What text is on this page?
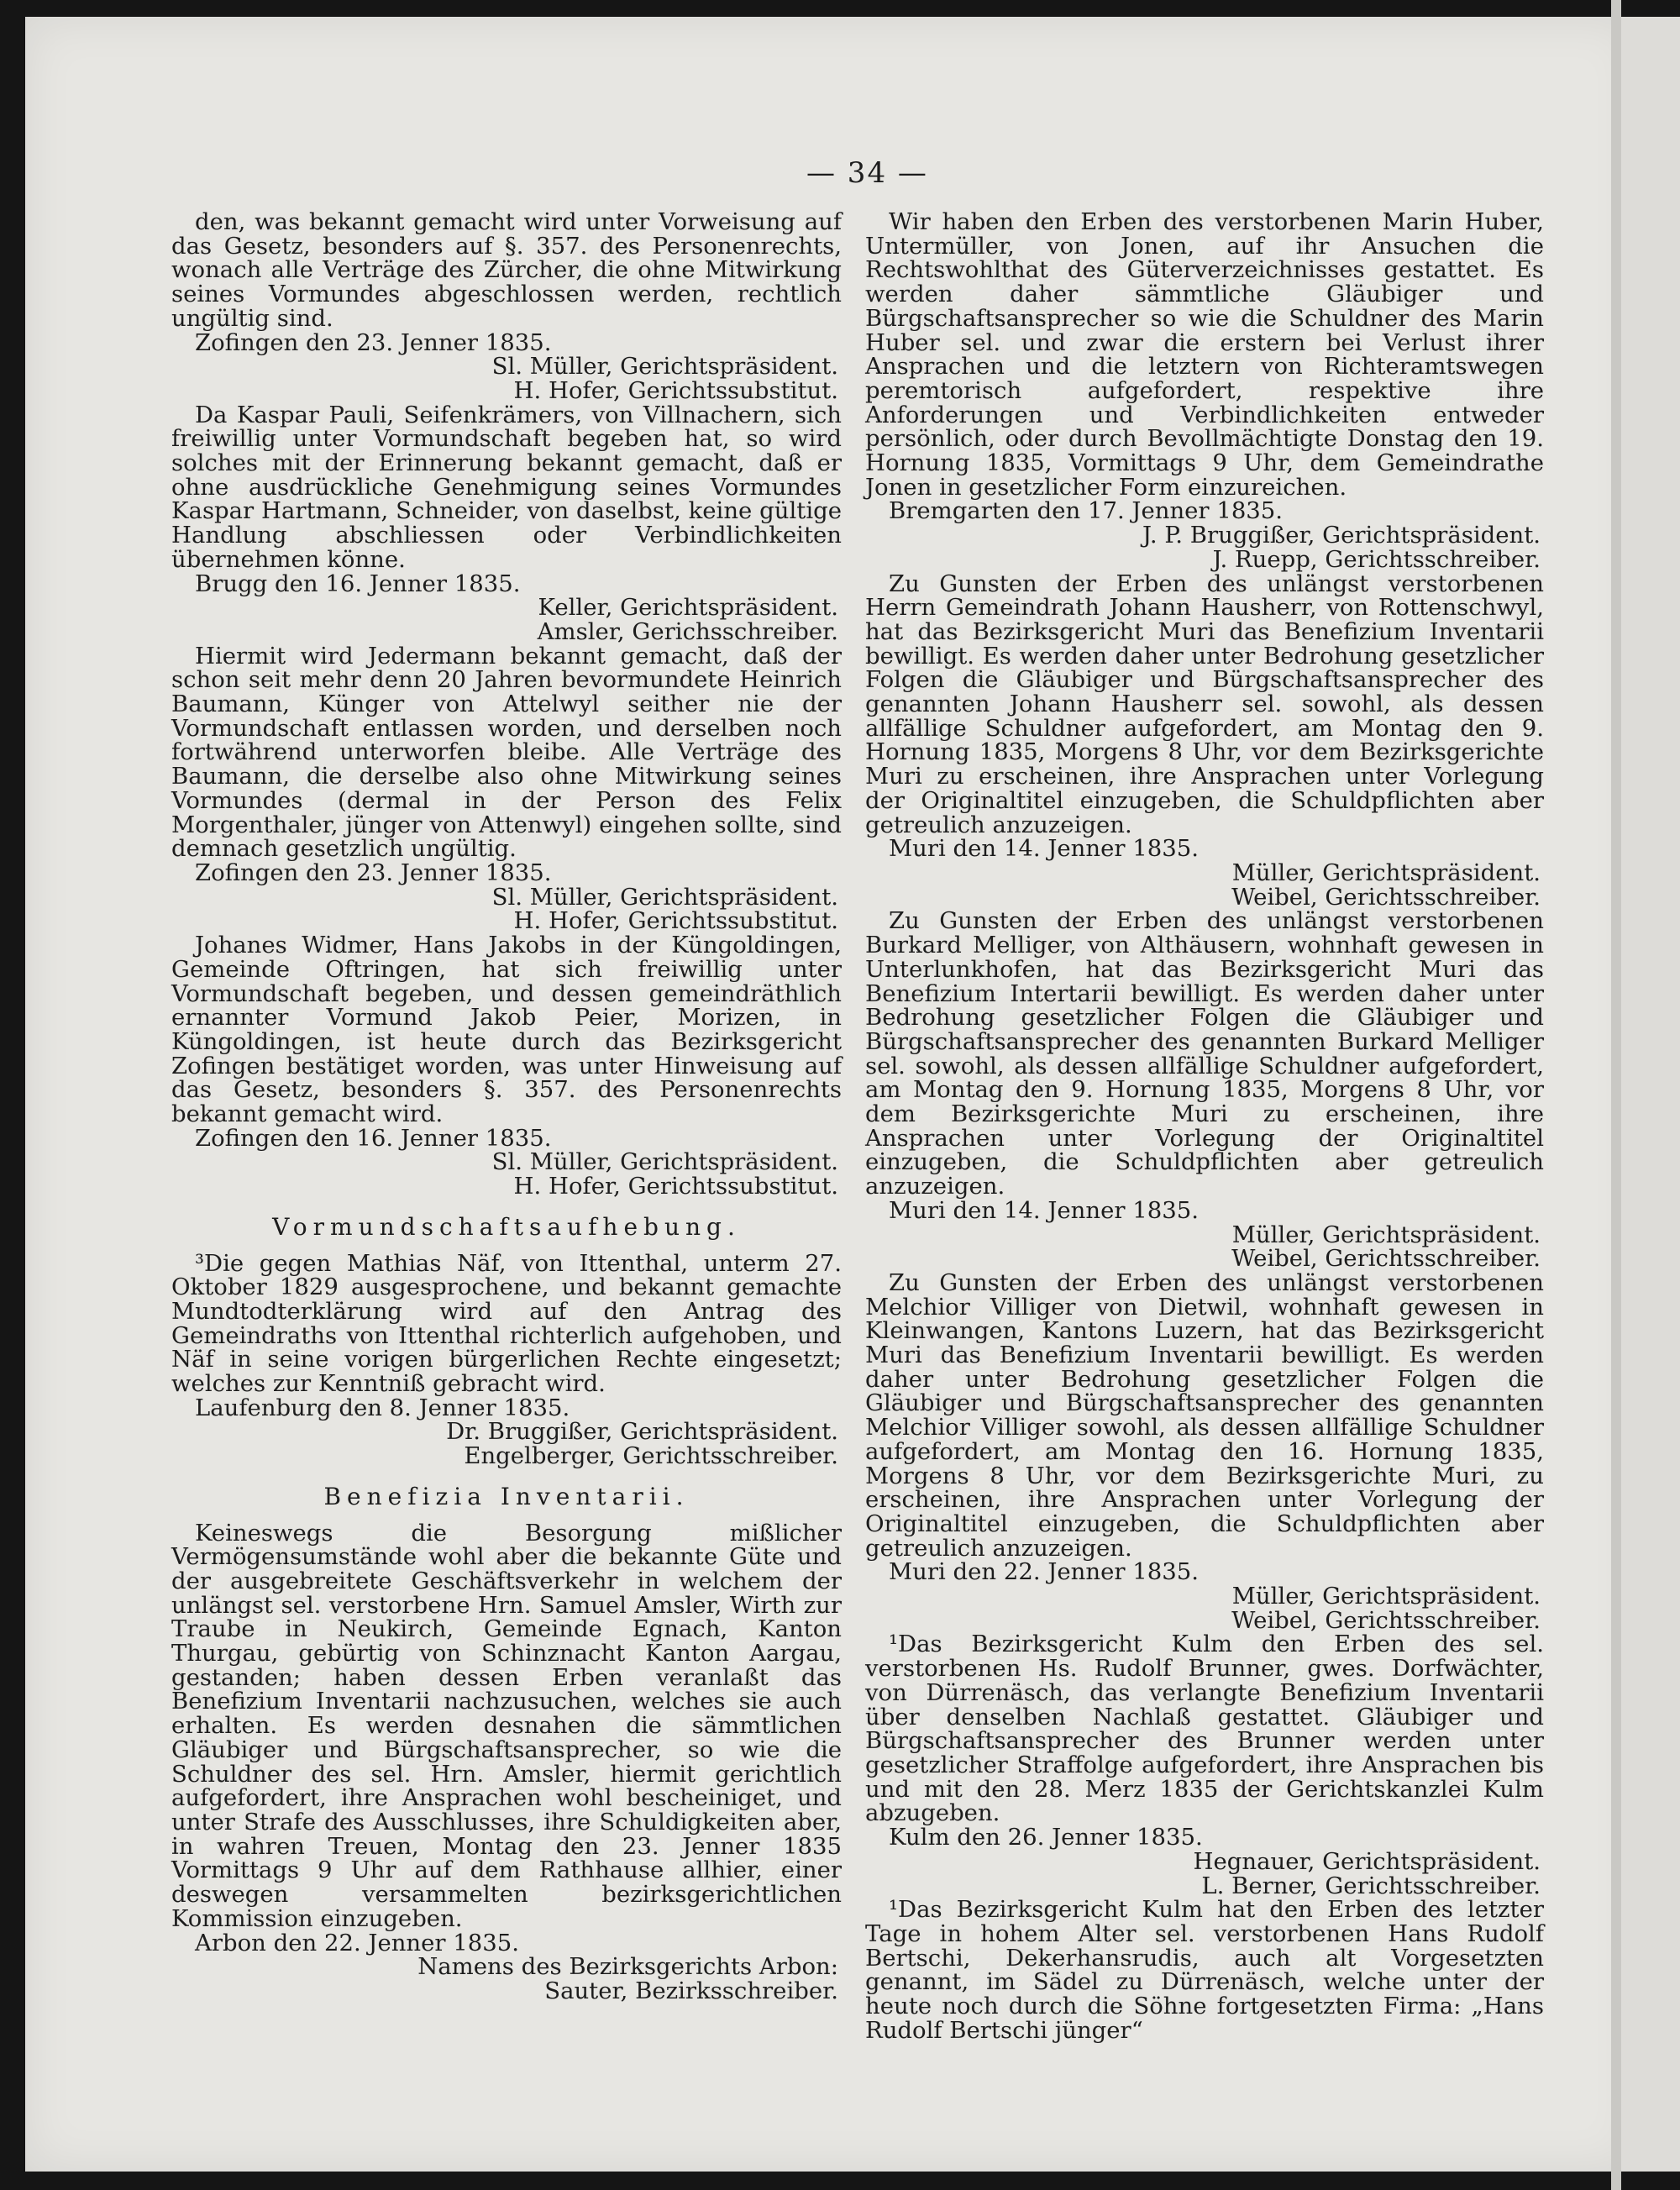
— 34 —

den, was bekannt gemacht wird unter Vorweisung auf das Gesetz, besonders auf §. 357. des Personenrechts, wonach alle Verträge des Zürcher, die ohne Mitwirkung seines Vormundes abgeschlossen werden, rechtlich ungültig sind.

Zofingen den 23. Jenner 1835.

Sl. Müller, Gerichtspräsident.

H. Hofer, Gerichtssubstitut.

Da Kaspar Pauli, Seifenkrämers, von Villnachern, sich freiwillig unter Vormundschaft begeben hat, so wird solches mit der Erinnerung bekannt gemacht, daß er ohne ausdrückliche Genehmigung seines Vormundes Kaspar Hartmann, Schneider, von daselbst, keine gültige Handlung abschliessen oder Verbindlichkeiten übernehmen könne.

Brugg den 16. Jenner 1835.

Keller, Gerichtspräsident.

Amsler, Gerichsschreiber.

Hiermit wird Jedermann bekannt gemacht, daß der schon seit mehr denn 20 Jahren bevormundete Heinrich Baumann, Künger von Attelwyl seither nie der Vormundschaft entlassen worden, und derselben noch fortwährend unterworfen bleibe. Alle Verträge des Baumann, die derselbe also ohne Mitwirkung seines Vormundes (dermal in der Person des Felix Morgenthaler, jünger von Attenwyl) eingehen sollte, sind demnach gesetzlich ungültig.

Zofingen den 23. Jenner 1835.

Sl. Müller, Gerichtspräsident.

H. Hofer, Gerichtssubstitut.

Johanes Widmer, Hans Jakobs in der Küngoldingen, Gemeinde Oftringen, hat sich freiwillig unter Vormundschaft begeben, und dessen gemeindräthlich ernannter Vormund Jakob Peier, Morizen, in Küngoldingen, ist heute durch das Bezirksgericht Zofingen bestätiget worden, was unter Hinweisung auf das Gesetz, besonders §. 357. des Personenrechts bekannt gemacht wird.

Zofingen den 16. Jenner 1835.

Sl. Müller, Gerichtspräsident.

H. Hofer, Gerichtssubstitut.

Vormundschaftsaufhebung.

³Die gegen Mathias Näf, von Ittenthal, unterm 27. Oktober 1829 ausgesprochene, und bekannt gemachte Mundtodterklärung wird auf den Antrag des Gemeindraths von Ittenthal richterlich aufgehoben, und Näf in seine vorigen bürgerlichen Rechte eingesetzt; welches zur Kenntniß gebracht wird.

Laufenburg den 8. Jenner 1835.

Dr. Bruggißer, Gerichtspräsident.

Engelberger, Gerichtsschreiber.

Benefizia Inventarii.

Keineswegs die Besorgung mißlicher Vermögensumstände wohl aber die bekannte Güte und der ausgebreitete Geschäftsverkehr in welchem der unlängst sel. verstorbene Hrn. Samuel Amsler, Wirth zur Traube in Neukirch, Gemeinde Egnach, Kanton Thurgau, gebürtig von Schinznacht Kanton Aargau, gestanden; haben dessen Erben veranlaßt das Benefizium Inventarii nachzusuchen, welches sie auch erhalten. Es werden desnahen die sämmtlichen Gläubiger und Bürgschaftsansprecher, so wie die Schuldner des sel. Hrn. Amsler, hiermit gerichtlich aufgefordert, ihre Ansprachen wohl bescheiniget, und unter Strafe des Ausschlusses, ihre Schuldigkeiten aber, in wahren Treuen, Montag den 23. Jenner 1835 Vormittags 9 Uhr auf dem Rathhause allhier, einer deswegen versammelten bezirksgerichtlichen Kommission einzugeben.

Arbon den 22. Jenner 1835.

Namens des Bezirksgerichts Arbon:

Sauter, Bezirksschreiber.

Wir haben den Erben des verstorbenen Marin Huber, Untermüller, von Jonen, auf ihr Ansuchen die Rechtswohlthat des Güterverzeichnisses gestattet. Es werden daher sämmtliche Gläubiger und Bürgschaftsansprecher so wie die Schuldner des Marin Huber sel. und zwar die erstern bei Verlust ihrer Ansprachen und die letztern von Richteramtswegen peremtorisch aufgefordert, respektive ihre Anforderungen und Verbindlichkeiten entweder persönlich, oder durch Bevollmächtigte Donstag den 19. Hornung 1835, Vormittags 9 Uhr, dem Gemeindrathe Jonen in gesetzlicher Form einzureichen.

Bremgarten den 17. Jenner 1835.

J. P. Bruggißer, Gerichtspräsident.

J. Ruepp, Gerichtsschreiber.

Zu Gunsten der Erben des unlängst verstorbenen Herrn Gemeindrath Johann Hausherr, von Rottenschwyl, hat das Bezirksgericht Muri das Benefizium Inventarii bewilligt. Es werden daher unter Bedrohung gesetzlicher Folgen die Gläubiger und Bürgschaftsansprecher des genannten Johann Hausherr sel. sowohl, als dessen allfällige Schuldner aufgefordert, am Montag den 9. Hornung 1835, Morgens 8 Uhr, vor dem Bezirksgerichte Muri zu erscheinen, ihre Ansprachen unter Vorlegung der Originaltitel einzugeben, die Schuldpflichten aber getreulich anzuzeigen.

Muri den 14. Jenner 1835.

Müller, Gerichtspräsident.

Weibel, Gerichtsschreiber.

Zu Gunsten der Erben des unlängst verstorbenen Burkard Melliger, von Althäusern, wohnhaft gewesen in Unterlunkhofen, hat das Bezirksgericht Muri das Benefizium Intertarii bewilligt. Es werden daher unter Bedrohung gesetzlicher Folgen die Gläubiger und Bürgschaftsansprecher des genannten Burkard Melliger sel. sowohl, als dessen allfällige Schuldner aufgefordert, am Montag den 9. Hornung 1835, Morgens 8 Uhr, vor dem Bezirksgerichte Muri zu erscheinen, ihre Ansprachen unter Vorlegung der Originaltitel einzugeben, die Schuldpflichten aber getreulich anzuzeigen.

Muri den 14. Jenner 1835.

Müller, Gerichtspräsident.

Weibel, Gerichtsschreiber.

Zu Gunsten der Erben des unlängst verstorbenen Melchior Villiger von Dietwil, wohnhaft gewesen in Kleinwangen, Kantons Luzern, hat das Bezirksgericht Muri das Benefizium Inventarii bewilligt. Es werden daher unter Bedrohung gesetzlicher Folgen die Gläubiger und Bürgschaftsansprecher des genannten Melchior Villiger sowohl, als dessen allfällige Schuldner aufgefordert, am Montag den 16. Hornung 1835, Morgens 8 Uhr, vor dem Bezirksgerichte Muri, zu erscheinen, ihre Ansprachen unter Vorlegung der Originaltitel einzugeben, die Schuldpflichten aber getreulich anzuzeigen.

Muri den 22. Jenner 1835.

Müller, Gerichtspräsident.

Weibel, Gerichtsschreiber.

¹Das Bezirksgericht Kulm den Erben des sel. verstorbenen Hs. Rudolf Brunner, gwes. Dorfwächter, von Dürrenäsch, das verlangte Benefizium Inventarii über denselben Nachlaß gestattet. Gläubiger und Bürgschaftsansprecher des Brunner werden unter gesetzlicher Straffolge aufgefordert, ihre Ansprachen bis und mit den 28. Merz 1835 der Gerichtskanzlei Kulm abzugeben.

Kulm den 26. Jenner 1835.

Hegnauer, Gerichtspräsident.

L. Berner, Gerichtsschreiber.

¹Das Bezirksgericht Kulm hat den Erben des letzter Tage in hohem Alter sel. verstorbenen Hans Rudolf Bertschi, Dekerhansrudis, auch alt Vorgesetzten genannt, im Sädel zu Dürrenäsch, welche unter der heute noch durch die Söhne fortgesetzten Firma: „Hans Rudolf Bertschi jünger“
